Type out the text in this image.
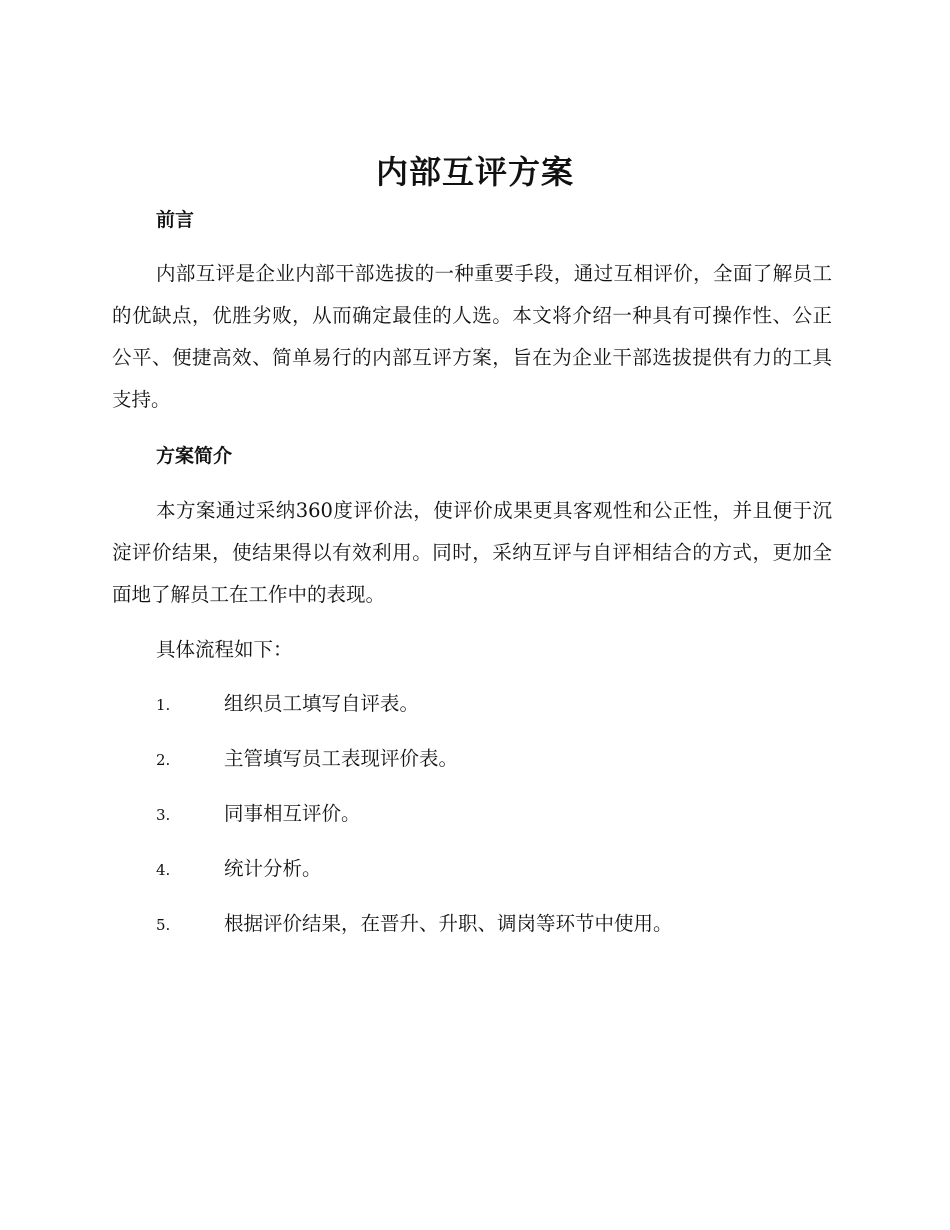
内部互评方案
前言

内部互评是企业内部干部选拔的一种重要手段，通过互相评价，全面了解员工的优缺点，优胜劣败，从而确定最佳的人选。本文将介绍一种具有可操作性、公正公平、便捷高效、简单易行的内部互评方案，旨在为企业干部选拔提供有力的工具支持。

方案简介

本方案通过采纳360度评价法，使评价成果更具客观性和公正性，并且便于沉淀评价结果，使结果得以有效利用。同时，采纳互评与自评相结合的方式，更加全面地了解员工在工作中的表现。

具体流程如下：

1.	组织员工填写自评表。
2.	主管填写员工表现评价表。
3.	同事相互评价。
4.	统计分析。
5.	根据评价结果，在晋升、升职、调岗等环节中使用。
